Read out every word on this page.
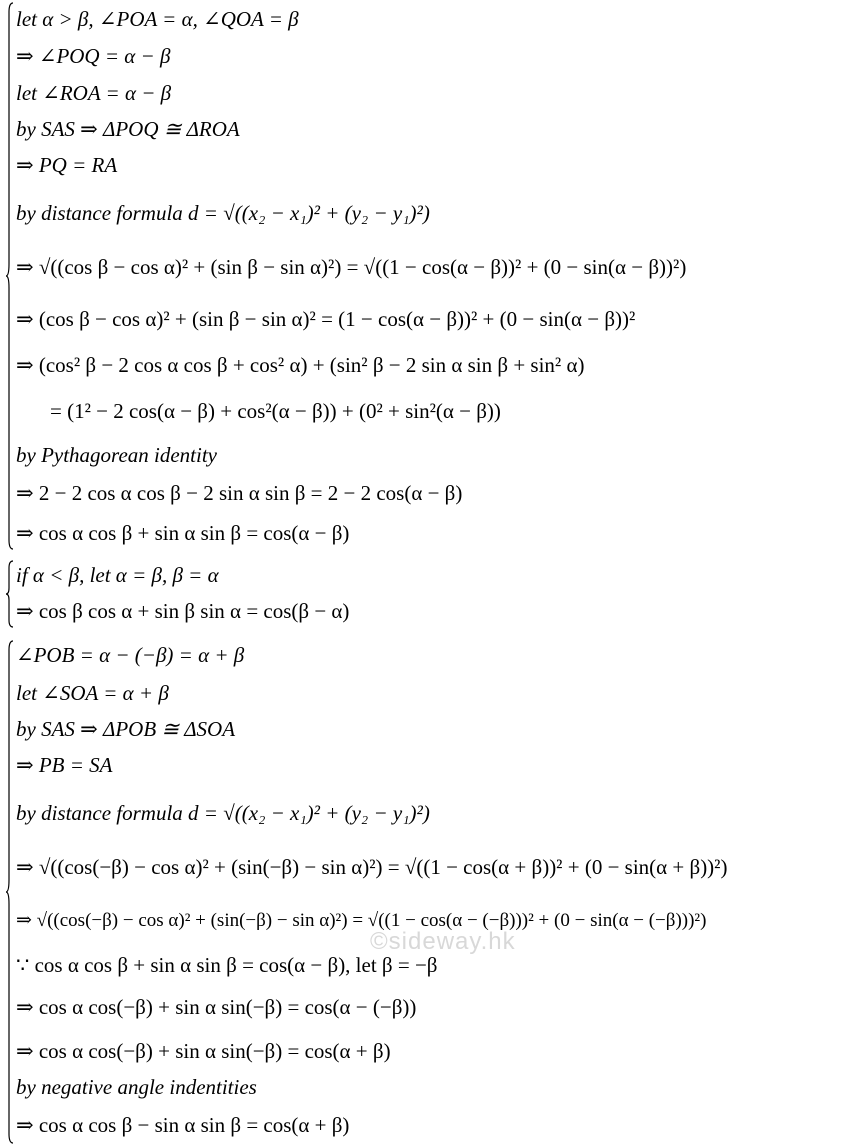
let α > β, ∠POA = α, ∠QOA = β
⇒ ∠POQ = α − β
let ∠ROA = α − β
by SAS ⇒ ΔPOQ ≅ ΔROA
⇒ PQ = RA
by distance formula d = √((x₂ − x₁)² + (y₂ − y₁)²)
⇒ √((cos β − cos α)² + (sin β − sin α)²) = √((1 − cos(α − β))² + (0 − sin(α − β))²)
⇒ (cos β − cos α)² + (sin β − sin α)² = (1 − cos(α − β))² + (0 − sin(α − β))²
⇒ (cos² β − 2 cos α cos β + cos² α) + (sin² β − 2 sin α sin β + sin² α)
= (1² − 2 cos(α − β) + cos²(α − β)) + (0² + sin²(α − β))
by Pythagorean identity
⇒ 2 − 2 cos α cos β − 2 sin α sin β = 2 − 2 cos(α − β)
⇒ cos α cos β + sin α sin β = cos(α − β)
if α < β, let α = β, β = α
⇒ cos β cos α + sin β sin α = cos(β − α)
∠POB = α − (−β) = α + β
let ∠SOA = α + β
by SAS ⇒ ΔPOB ≅ ΔSOA
⇒ PB = SA
by distance formula d = √((x₂ − x₁)² + (y₂ − y₁)²)
⇒ √((cos(−β) − cos α)² + (sin(−β) − sin α)²) = √((1 − cos(α + β))² + (0 − sin(α + β))²)
⇒ √((cos(−β) − cos α)² + (sin(−β) − sin α)²) = √((1 − cos(α − (−β)))² + (0 − sin(α − (−β)))²)
∵ cos α cos β + sin α sin β = cos(α − β), let β = −β
⇒ cos α cos(−β) + sin α sin(−β) = cos(α − (−β))
⇒ cos α cos(−β) + sin α sin(−β) = cos(α + β)
by negative angle indentities
⇒ cos α cos β − sin α sin β = cos(α + β)
©sideway.hk
